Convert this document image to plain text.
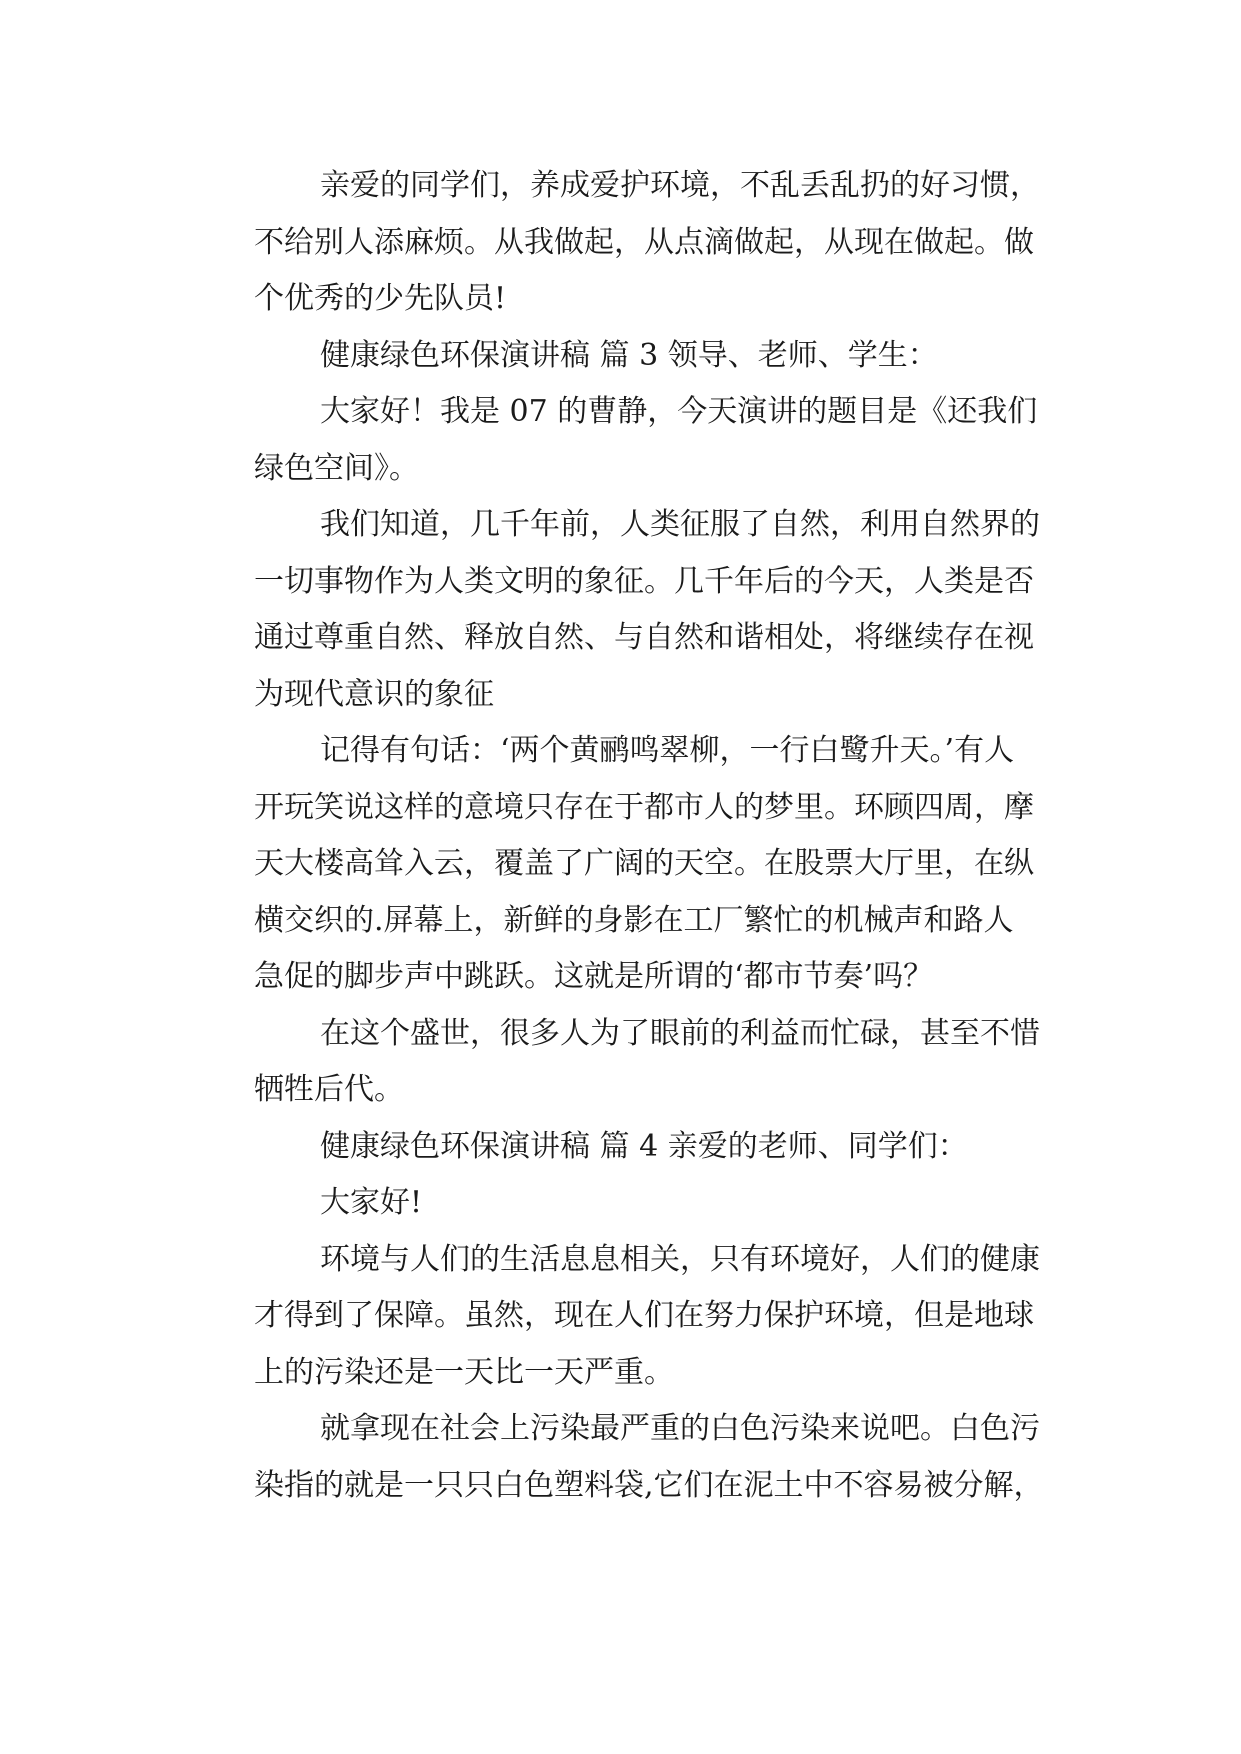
亲爱的同学们，养成爱护环境，不乱丢乱扔的好习惯，
不给别人添麻烦。从我做起，从点滴做起，从现在做起。做
个优秀的少先队员!
健康绿色环保演讲稿 篇 3 领导、老师、学生：
大家好！我是 07 的曹静，今天演讲的题目是《还我们
绿色空间》。
我们知道，几千年前，人类征服了自然，利用自然界的
一切事物作为人类文明的象征。几千年后的今天，人类是否
通过尊重自然、释放自然、与自然和谐相处，将继续存在视
为现代意识的象征
记得有句话：‘两个黄鹂鸣翠柳，一行白鹭升天。’有人
开玩笑说这样的意境只存在于都市人的梦里。环顾四周，摩
天大楼高耸入云，覆盖了广阔的天空。在股票大厅里，在纵
横交织的.屏幕上，新鲜的身影在工厂繁忙的机械声和路人
急促的脚步声中跳跃。这就是所谓的‘都市节奏’吗？
在这个盛世，很多人为了眼前的利益而忙碌，甚至不惜
牺牲后代。
健康绿色环保演讲稿 篇 4 亲爱的老师、同学们：
大家好!
环境与人们的生活息息相关，只有环境好，人们的健康
才得到了保障。虽然，现在人们在努力保护环境，但是地球
上的污染还是一天比一天严重。
就拿现在社会上污染最严重的白色污染来说吧。白色污
染指的就是一只只白色塑料袋,它们在泥土中不容易被分解，
